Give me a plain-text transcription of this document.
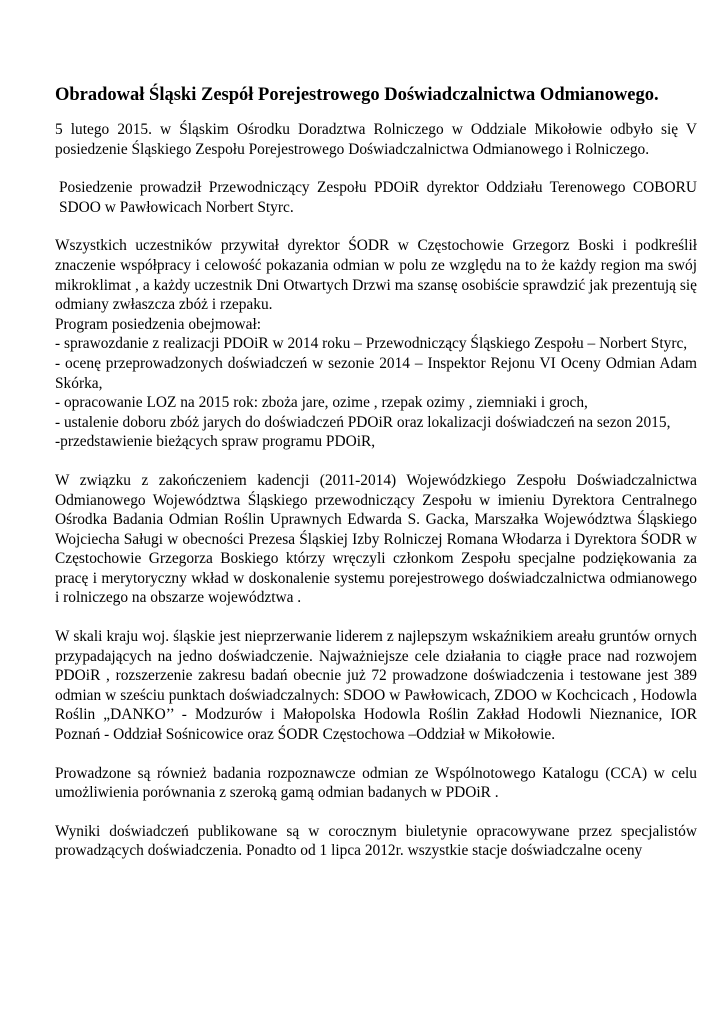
Obradował Śląski Zespół Porejestrowego Doświadczalnictwa Odmianowego.

5 lutego 2015. w Śląskim Ośrodku Doradztwa Rolniczego w Oddziale Mikołowie odbyło się V posiedzenie Śląskiego Zespołu Porejestrowego Doświadczalnictwa Odmianowego i Rolniczego.

Posiedzenie prowadził Przewodniczący Zespołu PDOiR dyrektor Oddziału Terenowego COBORU SDOO w Pawłowicach Norbert Styrc.

Wszystkich uczestników przywitał dyrektor ŚODR w Częstochowie Grzegorz Boski i podkreślił znaczenie współpracy i celowość pokazania odmian w polu ze względu na to że każdy region ma swój mikroklimat , a każdy uczestnik Dni Otwartych Drzwi ma szansę osobiście sprawdzić jak prezentują się odmiany zwłaszcza zbóż i rzepaku.

Program posiedzenia obejmował:

- sprawozdanie z realizacji PDOiR w 2014 roku – Przewodniczący Śląskiego Zespołu – Norbert Styrc,

- ocenę przeprowadzonych doświadczeń w sezonie 2014 – Inspektor Rejonu VI Oceny Odmian Adam Skórka,

- opracowanie LOZ na 2015 rok: zboża jare, ozime , rzepak ozimy , ziemniaki i groch,

- ustalenie doboru zbóż jarych do doświadczeń PDOiR oraz lokalizacji doświadczeń na sezon 2015,

-przedstawienie bieżących spraw programu PDOiR,

W związku z zakończeniem kadencji (2011-2014) Wojewódzkiego Zespołu Doświadczalnictwa Odmianowego Województwa Śląskiego przewodniczący Zespołu w imieniu Dyrektora Centralnego Ośrodka Badania Odmian Roślin Uprawnych Edwarda S. Gacka, Marszałka Województwa Śląskiego Wojciecha Saługi w obecności Prezesa Śląskiej Izby Rolniczej Romana Włodarza i Dyrektora ŚODR w Częstochowie Grzegorza Boskiego którzy wręczyli członkom Zespołu specjalne podziękowania za pracę i merytoryczny wkład w doskonalenie systemu porejestrowego doświadczalnictwa odmianowego i rolniczego na obszarze województwa .

W skali kraju woj. śląskie jest nieprzerwanie liderem z najlepszym wskaźnikiem areału gruntów ornych przypadających na jedno doświadczenie. Najważniejsze cele działania to ciągłe prace nad rozwojem PDOiR , rozszerzenie zakresu badań obecnie już 72 prowadzone doświadczenia i testowane jest 389 odmian w sześciu punktach doświadczalnych: SDOO w Pawłowicach, ZDOO w Kochcicach , Hodowla Roślin „DANKO’’ - Modzurów i Małopolska Hodowla Roślin Zakład Hodowli Nieznanice, IOR Poznań - Oddział Sośnicowice oraz ŚODR Częstochowa –Oddział w Mikołowie.

Prowadzone są również badania rozpoznawcze odmian ze Wspólnotowego Katalogu (CCA) w celu umożliwienia porównania z szeroką gamą odmian badanych w PDOiR .

Wyniki doświadczeń publikowane są w corocznym biuletynie opracowywane przez specjalistów prowadzących doświadczenia. Ponadto od 1 lipca 2012r. wszystkie stacje doświadczalne oceny
